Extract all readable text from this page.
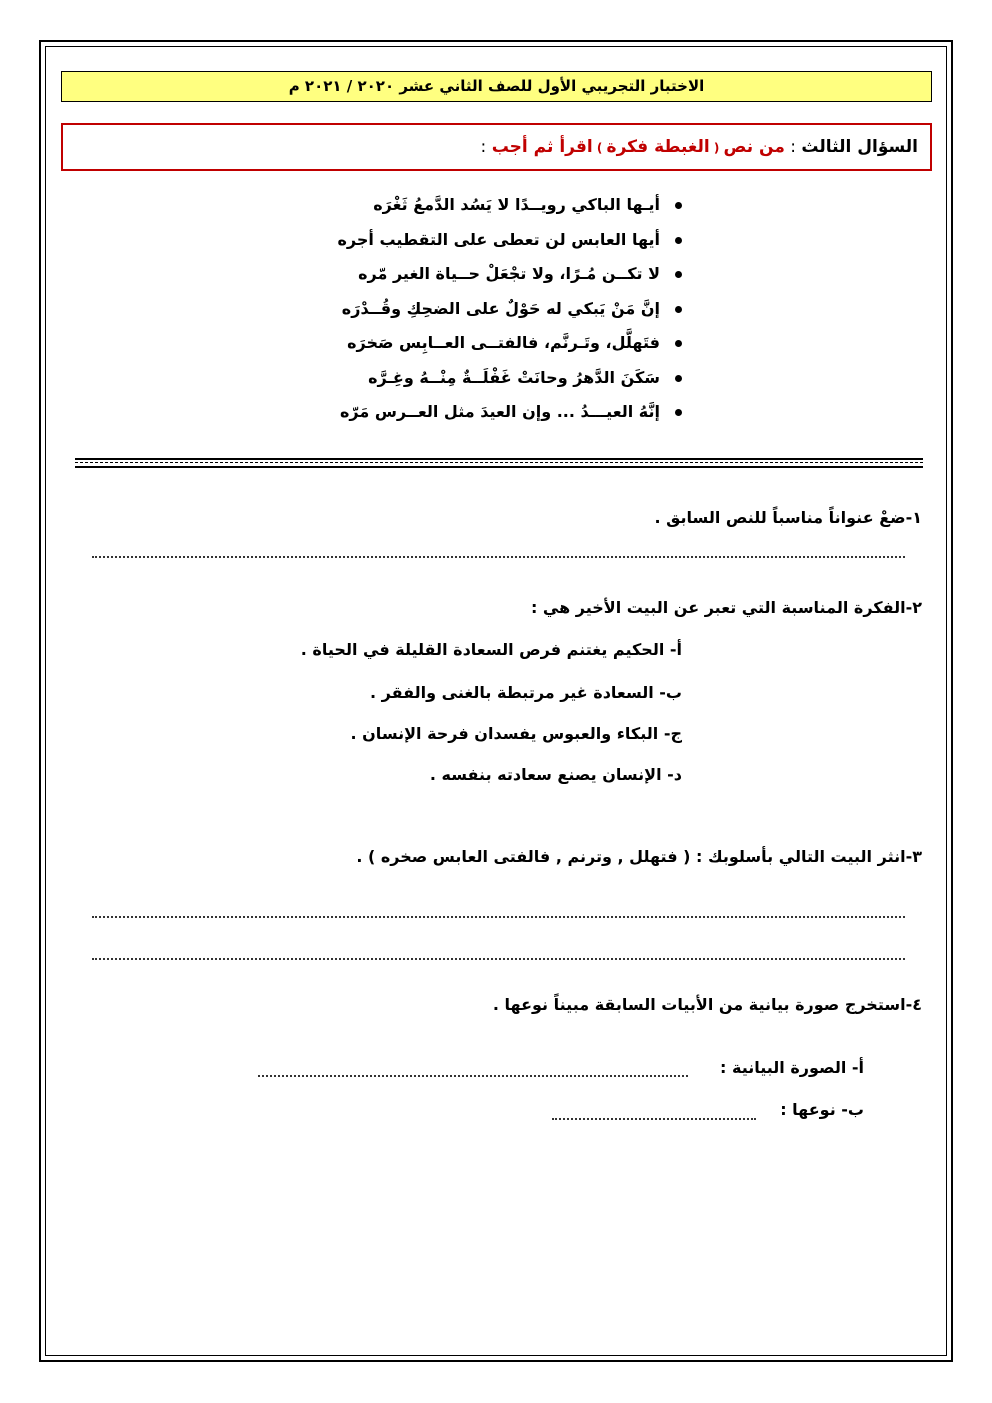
الاختبار التجريبي الأول للصف الثاني عشر ٢٠٢٠ / ٢٠٢١ م
السؤال الثالث : من نص ( الغبطة فكرة ) اقرأ ثم أجب :
أيـها الباكي رويــدًا لا يَسُد الدَّمعُ ثَغْرَه
أيها العابس لن تعطى على التقطيب أجره
لا تكــن مُـرًا، ولا تجْعَلْ حــياة الغير مّره
إنَّ مَنْ يَبكي له حَوْلٌ على الضحِكِ وقُــدْرَه
فتَهلَّل، وتَـرنَّم، فالفتــى العــابِس صَخرَه
سَكَنَ الدَّهرُ وحانَتْ غَفْلَــةٌ مِنْــهُ وغِـرَّه
إنَّهُ العيـــدُ ... وإن العيدَ مثل العــرس مَرّه
١-ضعْ عنواناً مناسباً للنص السابق .
٢-الفكرة المناسبة التي تعبر عن البيت الأخير هي :
أ- الحكيم يغتنم فرص السعادة القليلة في الحياة .
ب- السعادة غير مرتبطة بالغنى والفقر .
ج- البكاء والعبوس يفسدان فرحة الإنسان .
د- الإنسان يصنع سعادته بنفسه .
٣-انثر البيت التالي بأسلوبك : ( فتهلل , وترنم , فالفتى العابس صخره ) .
٤-استخرج صورة بيانية من الأبيات السابقة مبيناً نوعها .
أ- الصورة البيانية :
ب- نوعها :
